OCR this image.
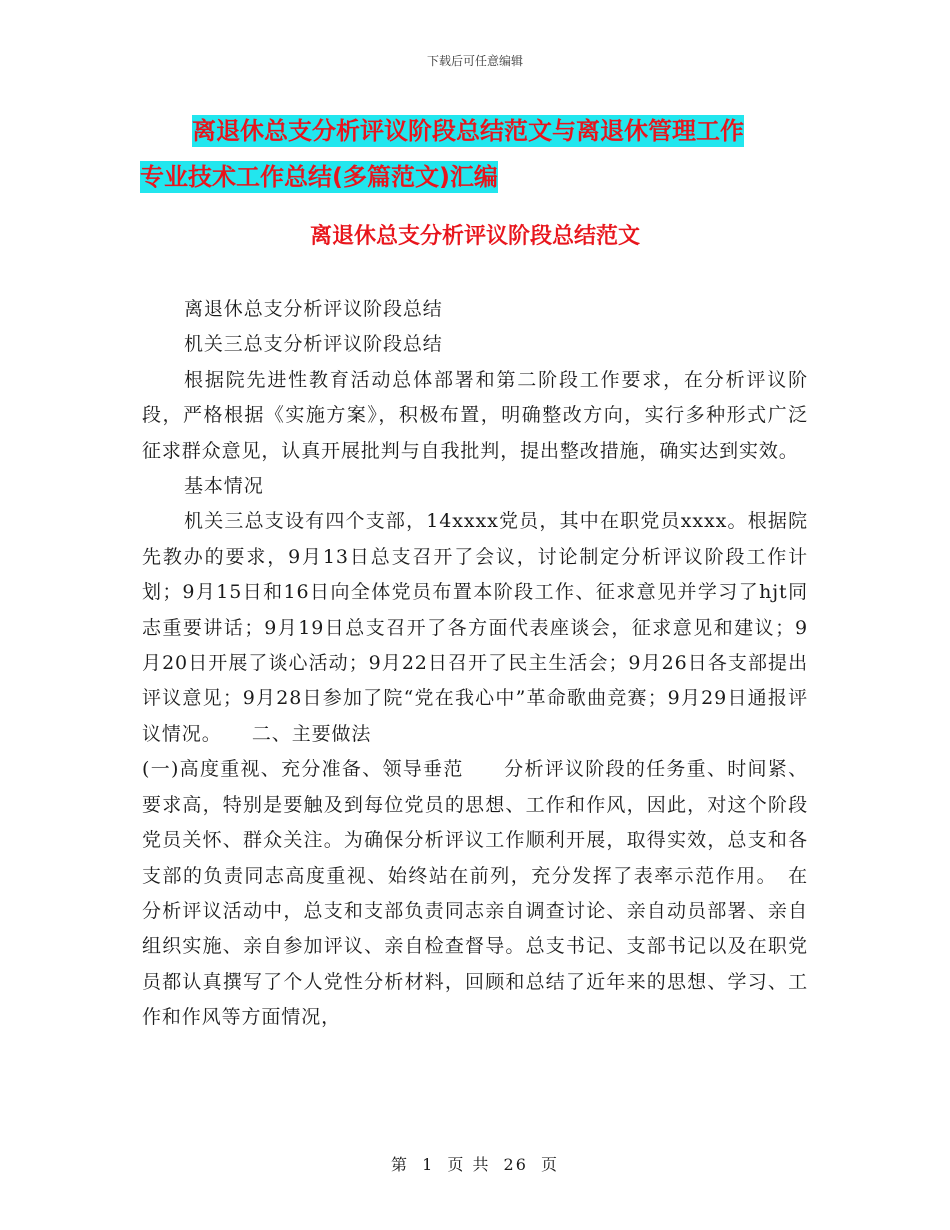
下载后可任意编辑
离退休总支分析评议阶段总结范文与离退休管理工作
专业技术工作总结(多篇范文)汇编
离退休总支分析评议阶段总结范文

离退休总支分析评议阶段总结

机关三总支分析评议阶段总结

根据院先进性教育活动总体部署和第二阶段工作要求，在分析评议阶段，严格根据《实施方案》，积极布置，明确整改方向，实行多种形式广泛征求群众意见，认真开展批判与自我批判，提出整改措施，确实达到实效。

基本情况

机关三总支设有四个支部，14xxxx党员，其中在职党员xxxx。根据院先教办的要求，9月13日总支召开了会议，讨论制定分析评议阶段工作计划；9月15日和16日向全体党员布置本阶段工作、征求意见并学习了hjt同志重要讲话；9月19日总支召开了各方面代表座谈会，征求意见和建议；9月20日开展了谈心活动；9月22日召开了民主生活会；9月26日各支部提出评议意见；9月28日参加了院“党在我心中”革命歌曲竞赛；9月29日通报评议情况。　　二、主要做法

(一)高度重视、充分准备、领导垂范　　分析评议阶段的任务重、时间紧、要求高，特别是要触及到每位党员的思想、工作和作风，因此，对这个阶段党员关怀、群众关注。为确保分析评议工作顺利开展，取得实效，总支和各支部的负责同志高度重视、始终站在前列，充分发挥了表率示范作用。　在分析评议活动中，总支和支部负责同志亲自调查讨论、亲自动员部署、亲自组织实施、亲自参加评议、亲自检查督导。总支书记、支部书记以及在职党员都认真撰写了个人党性分析材料，回顾和总结了近年来的思想、学习、工作和作风等方面情况，

第 1 页 共 26 页
